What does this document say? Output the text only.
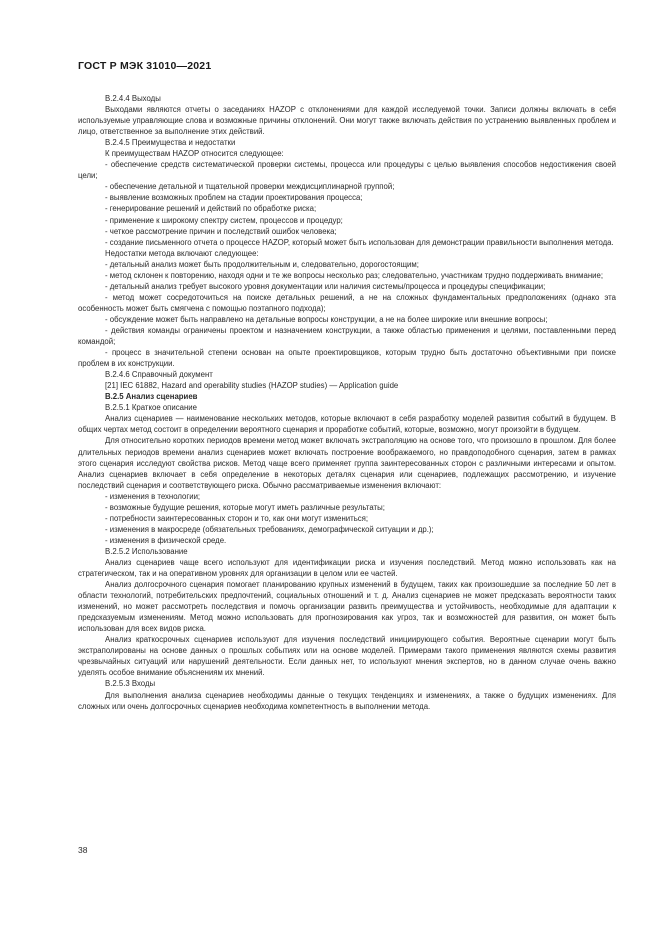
ГОСТ Р МЭК 31010—2021

B.2.4.4 Выходы

Выходами являются отчеты о заседаниях HAZOP с отклонениями для каждой исследуемой точки. Записи должны включать в себя используемые управляющие слова и возможные причины отклонений. Они могут также включать действия по устранению выявленных проблем и лицо, ответственное за выполнение этих действий.

B.2.4.5 Преимущества и недостатки

К преимуществам HAZOP относится следующее:

- обеспечение средств систематической проверки системы, процесса или процедуры с целью выявления способов недостижения своей цели;

- обеспечение детальной и тщательной проверки междисциплинарной группой;

- выявление возможных проблем на стадии проектирования процесса;

- генерирование решений и действий по обработке риска;

- применение к широкому спектру систем, процессов и процедур;

- четкое рассмотрение причин и последствий ошибок человека;

- создание письменного отчета о процессе HAZOP, который может быть использован для демонстрации правильности выполнения метода.

Недостатки метода включают следующее:

- детальный анализ может быть продолжительным и, следовательно, дорогостоящим;

- метод склонен к повторению, находя одни и те же вопросы несколько раз; следовательно, участникам трудно поддерживать внимание;

- детальный анализ требует высокого уровня документации или наличия системы/процесса и процедуры спецификации;

- метод может сосредоточиться на поиске детальных решений, а не на сложных фундаментальных предположениях (однако эта особенность может быть смягчена с помощью поэтапного подхода);

- обсуждение может быть направлено на детальные вопросы конструкции, а не на более широкие или внешние вопросы;

- действия команды ограничены проектом и назначением конструкции, а также областью применения и целями, поставленными перед командой;

- процесс в значительной степени основан на опыте проектировщиков, которым трудно быть достаточно объективными при поиске проблем в их конструкции.

B.2.4.6 Справочный документ

[21] IEC 61882, Hazard and operability studies (HAZOP studies) — Application guide

B.2.5 Анализ сценариев

B.2.5.1 Краткое описание

Анализ сценариев — наименование нескольких методов, которые включают в себя разработку моделей развития событий в будущем. В общих чертах метод состоит в определении вероятного сценария и проработке событий, которые, возможно, могут произойти в будущем.

Для относительно коротких периодов времени метод может включать экстраполяцию на основе того, что произошло в прошлом. Для более длительных периодов времени анализ сценариев может включать построение воображаемого, но правдоподобного сценария, затем в рамках этого сценария исследуют свойства рисков. Метод чаще всего применяет группа заинтересованных сторон с различными интересами и опытом. Анализ сценариев включает в себя определение в некоторых деталях сценария или сценариев, подлежащих рассмотрению, и изучение последствий сценария и соответствующего риска. Обычно рассматриваемые изменения включают:

- изменения в технологии;

- возможные будущие решения, которые могут иметь различные результаты;

- потребности заинтересованных сторон и то, как они могут измениться;

- изменения в макросреде (обязательных требованиях, демографической ситуации и др.);

- изменения в физической среде.

B.2.5.2 Использование

Анализ сценариев чаще всего используют для идентификации риска и изучения последствий. Метод можно использовать как на стратегическом, так и на оперативном уровнях для организации в целом или ее частей.

Анализ долгосрочного сценария помогает планированию крупных изменений в будущем, таких как произошедшие за последние 50 лет в области технологий, потребительских предпочтений, социальных отношений и т. д. Анализ сценариев не может предсказать вероятности таких изменений, но может рассмотреть последствия и помочь организации развить преимущества и устойчивость, необходимые для адаптации к предсказуемым изменениям. Метод можно использовать для прогнозирования как угроз, так и возможностей для развития, он может быть использован для всех видов риска.

Анализ краткосрочных сценариев используют для изучения последствий инициирующего события. Вероятные сценарии могут быть экстраполированы на основе данных о прошлых событиях или на основе моделей. Примерами такого применения являются схемы развития чрезвычайных ситуаций или нарушений деятельности. Если данных нет, то используют мнения экспертов, но в данном случае очень важно уделять особое внимание объяснениям их мнений.

B.2.5.3 Входы

Для выполнения анализа сценариев необходимы данные о текущих тенденциях и изменениях, а также о будущих изменениях. Для сложных или очень долгосрочных сценариев необходима компетентность в выполнении метода.

38
